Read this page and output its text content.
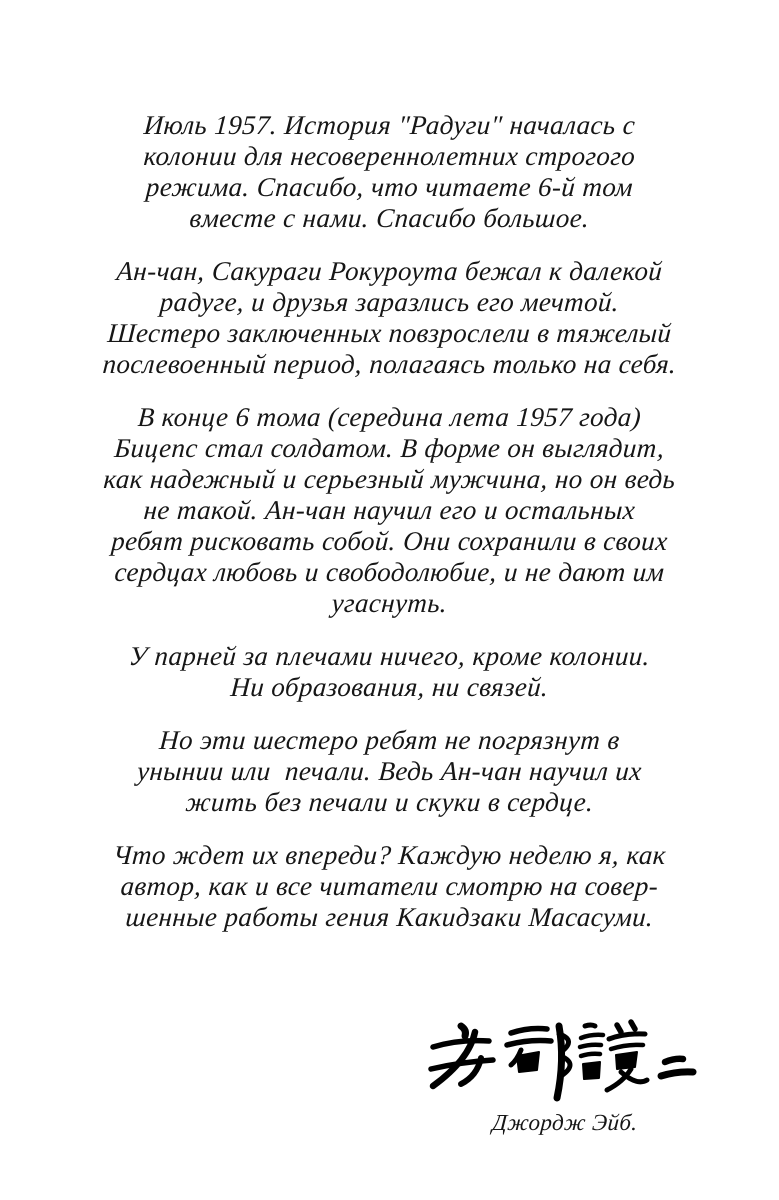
Июль 1957. История "Радуги" началась с
колонии для несовереннолетних строгого
режима. Спасибо, что читаете 6-й том
вместе с нами. Спасибо большое.
Ан-чан, Сакураги Рокуроута бежал к далекой
радуге, и друзья заразлись его мечтой.
Шестеро заключенных повзрослели в тяжелый
послевоенный период, полагаясь только на себя.
В конце 6 тома (середина лета 1957 года)
Бицепс стал солдатом. В форме он выглядит,
как надежный и серьезный мужчина, но он ведь
не такой. Ан-чан научил его и остальных
ребят рисковать собой. Они сохранили в своих
сердцах любовь и свободолюбие, и не дают им
угаснуть.
У парней за плечами ничего, кроме колонии.
Ни образования, ни связей.
Но эти шестеро ребят не погрязнут в
унынии или  печали. Ведь Ан-чан научил их
жить без печали и скуки в сердце.
Что ждет их впереди? Каждую неделю я, как
автор, как и все читатели смотрю на совер-
шенные работы гения Какидзаки Масасуми.
Джордж Эйб.
